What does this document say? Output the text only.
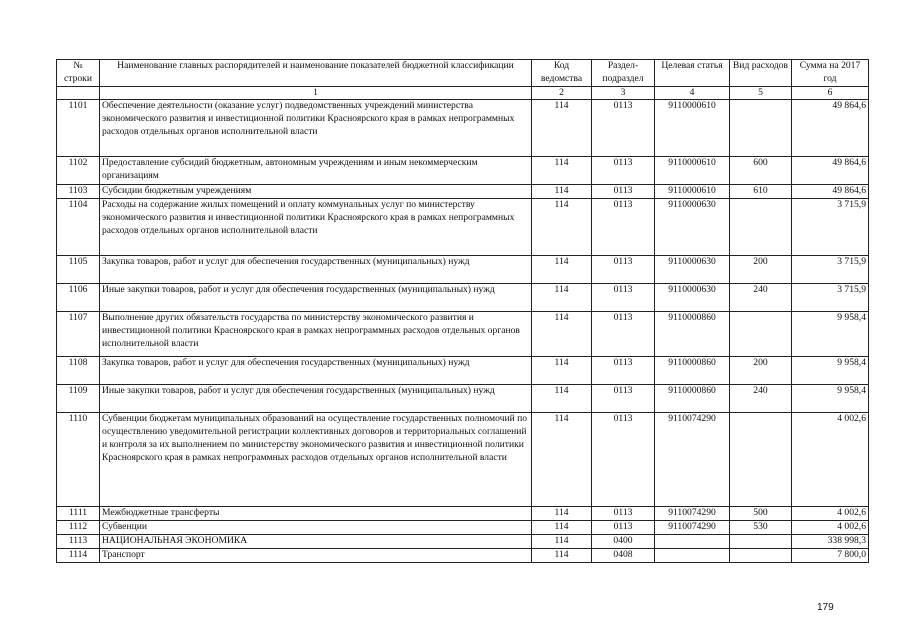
№ строки	Наименование главных распорядителей и наименование показателей бюджетной классификации	Код ведомства	Раздел-подраздел	Целевая статья	Вид расходов	Сумма на 2017 год
	1	2	3	4	5	6
1101	Обеспечение деятельности (оказание услуг) подведомственных учреждений министерства экономического развития и инвестиционной политики Красноярского края в рамках непрограммных расходов отдельных органов исполнительной власти	114	0113	9110000610		49 864,6
1102	Предоставление субсидий бюджетным, автономным учреждениям и иным некоммерческим организациям	114	0113	9110000610	600	49 864,6
1103	Субсидии бюджетным учреждениям	114	0113	9110000610	610	49 864,6
1104	Расходы на содержание жилых помещений и оплату коммунальных услуг по министерству экономического развития и инвестиционной политики Красноярского края в рамках непрограммных расходов отдельных органов исполнительной власти	114	0113	9110000630		3 715,9
1105	Закупка товаров, работ и услуг для обеспечения государственных (муниципальных) нужд	114	0113	9110000630	200	3 715,9
1106	Иные закупки товаров, работ и услуг для обеспечения государственных (муниципальных) нужд	114	0113	9110000630	240	3 715,9
1107	Выполнение других обязательств государства по министерству экономического развития и инвестиционной политики Красноярского края в рамках непрограммных расходов отдельных органов исполнительной власти	114	0113	9110000860		9 958,4
1108	Закупка товаров, работ и услуг для обеспечения государственных (муниципальных) нужд	114	0113	9110000860	200	9 958,4
1109	Иные закупки товаров, работ и услуг для обеспечения государственных (муниципальных) нужд	114	0113	9110000860	240	9 958,4
1110	Субвенции бюджетам муниципальных образований на осуществление государственных полномочий по осуществлению уведомительной регистрации коллективных договоров и территориальных соглашений и контроля за их выполнением по министерству экономического развития и инвестиционной политики Красноярского края в рамках непрограммных расходов отдельных органов исполнительной власти	114	0113	9110074290		4 002,6
1111	Межбюджетные трансферты	114	0113	9110074290	500	4 002,6
1112	Субвенции	114	0113	9110074290	530	4 002,6
1113	НАЦИОНАЛЬНАЯ ЭКОНОМИКА	114	0400			338 998,3
1114	Транспорт	114	0408			7 800,0
179
